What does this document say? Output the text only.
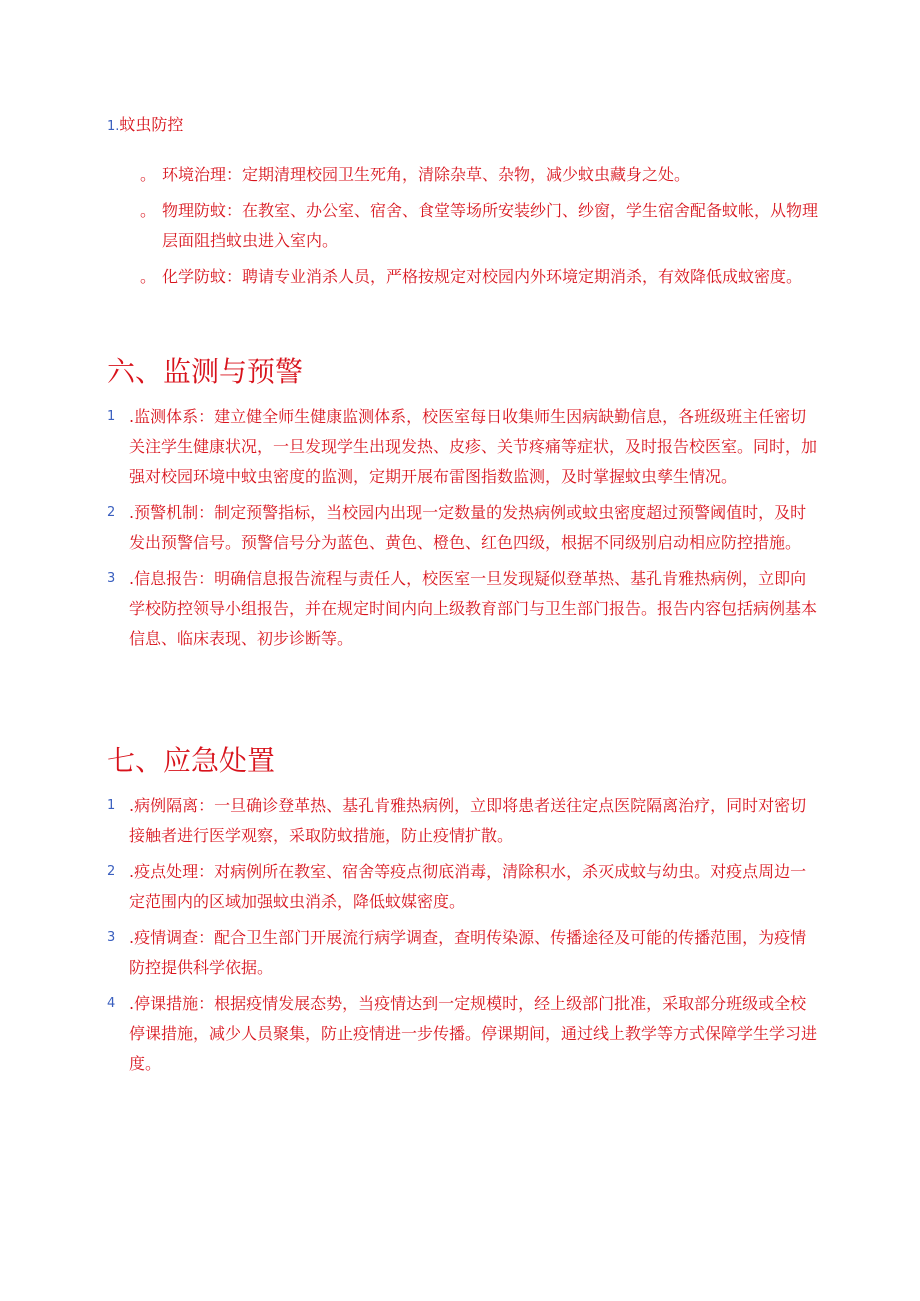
1.蚊虫防控
。 环境治理：定期清理校园卫生死角，清除杂草、杂物，减少蚊虫藏身之处。
。 物理防蚊：在教室、办公室、宿舍、食堂等场所安装纱门、纱窗，学生宿舍配备蚊帐，从物理层面阻挡蚊虫进入室内。
。 化学防蚊：聘请专业消杀人员，严格按规定对校园内外环境定期消杀，有效降低成蚊密度。
六、监测与预警
1 .监测体系：建立健全师生健康监测体系，校医室每日收集师生因病缺勤信息，各班级班主任密切关注学生健康状况，一旦发现学生出现发热、皮疹、关节疼痛等症状，及时报告校医室。同时，加强对校园环境中蚊虫密度的监测，定期开展布雷图指数监测，及时掌握蚊虫孳生情况。
2 .预警机制：制定预警指标，当校园内出现一定数量的发热病例或蚊虫密度超过预警阈值时，及时发出预警信号。预警信号分为蓝色、黄色、橙色、红色四级，根据不同级别启动相应防控措施。
3 .信息报告：明确信息报告流程与责任人，校医室一旦发现疑似登革热、基孔肯雅热病例，立即向学校防控领导小组报告，并在规定时间内向上级教育部门与卫生部门报告。报告内容包括病例基本信息、临床表现、初步诊断等。
七、应急处置
1 .病例隔离：一旦确诊登革热、基孔肯雅热病例，立即将患者送往定点医院隔离治疗，同时对密切接触者进行医学观察，采取防蚊措施，防止疫情扩散。
2 .疫点处理：对病例所在教室、宿舍等疫点彻底消毒，清除积水，杀灭成蚊与幼虫。对疫点周边一定范围内的区域加强蚊虫消杀，降低蚊媒密度。
3 .疫情调查：配合卫生部门开展流行病学调查，查明传染源、传播途径及可能的传播范围，为疫情防控提供科学依据。
4 .停课措施：根据疫情发展态势，当疫情达到一定规模时，经上级部门批准，采取部分班级或全校停课措施，减少人员聚集，防止疫情进一步传播。停课期间，通过线上教学等方式保障学生学习进度。
